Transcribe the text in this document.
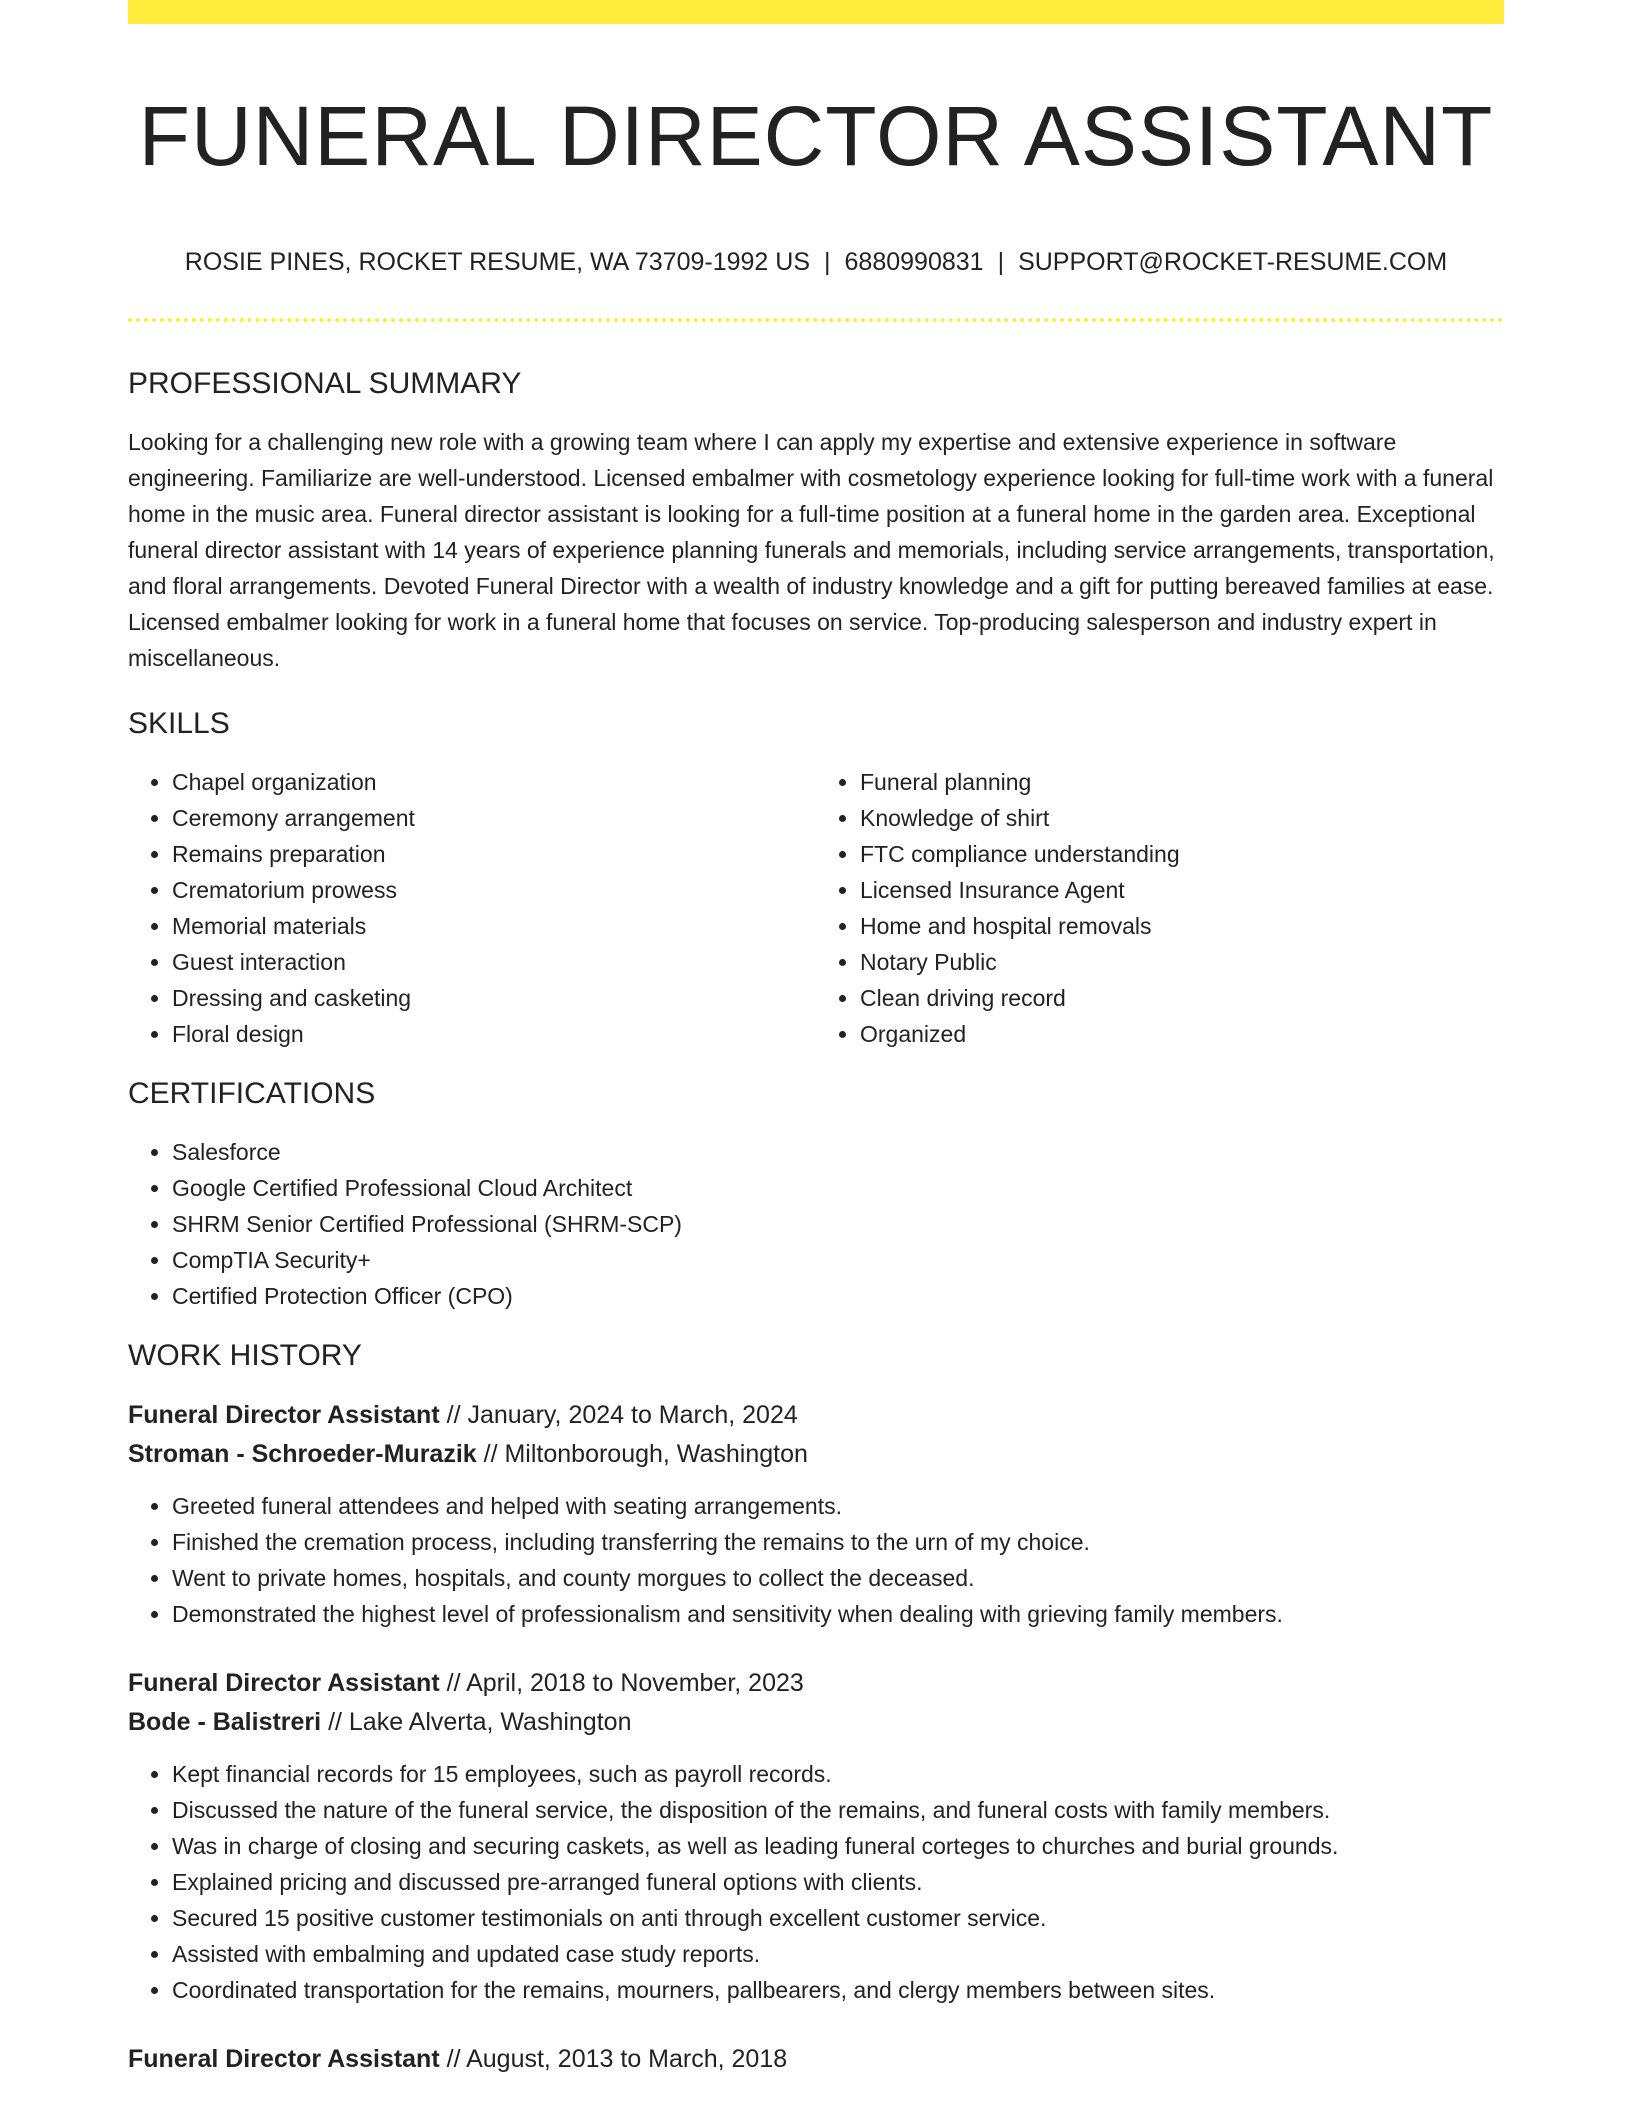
FUNERAL DIRECTOR ASSISTANT
ROSIE PINES, ROCKET RESUME, WA 73709-1992 US | 6880990831 | SUPPORT@ROCKET-RESUME.COM
PROFESSIONAL SUMMARY
Looking for a challenging new role with a growing team where I can apply my expertise and extensive experience in software engineering. Familiarize are well-understood. Licensed embalmer with cosmetology experience looking for full-time work with a funeral home in the music area. Funeral director assistant is looking for a full-time position at a funeral home in the garden area. Exceptional funeral director assistant with 14 years of experience planning funerals and memorials, including service arrangements, transportation, and floral arrangements. Devoted Funeral Director with a wealth of industry knowledge and a gift for putting bereaved families at ease. Licensed embalmer looking for work in a funeral home that focuses on service. Top-producing salesperson and industry expert in miscellaneous.
SKILLS
• Chapel organization
• Ceremony arrangement
• Remains preparation
• Crematorium prowess
• Memorial materials
• Guest interaction
• Dressing and casketing
• Floral design
• Funeral planning
• Knowledge of shirt
• FTC compliance understanding
• Licensed Insurance Agent
• Home and hospital removals
• Notary Public
• Clean driving record
• Organized
CERTIFICATIONS
• Salesforce
• Google Certified Professional Cloud Architect
• SHRM Senior Certified Professional (SHRM-SCP)
• CompTIA Security+
• Certified Protection Officer (CPO)
WORK HISTORY
Funeral Director Assistant // January, 2024 to March, 2024
Stroman - Schroeder-Murazik // Miltonborough, Washington
• Greeted funeral attendees and helped with seating arrangements.
• Finished the cremation process, including transferring the remains to the urn of my choice.
• Went to private homes, hospitals, and county morgues to collect the deceased.
• Demonstrated the highest level of professionalism and sensitivity when dealing with grieving family members.
Funeral Director Assistant // April, 2018 to November, 2023
Bode - Balistreri // Lake Alverta, Washington
• Kept financial records for 15 employees, such as payroll records.
• Discussed the nature of the funeral service, the disposition of the remains, and funeral costs with family members.
• Was in charge of closing and securing caskets, as well as leading funeral corteges to churches and burial grounds.
• Explained pricing and discussed pre-arranged funeral options with clients.
• Secured 15 positive customer testimonials on anti through excellent customer service.
• Assisted with embalming and updated case study reports.
• Coordinated transportation for the remains, mourners, pallbearers, and clergy members between sites.
Funeral Director Assistant // August, 2013 to March, 2018
